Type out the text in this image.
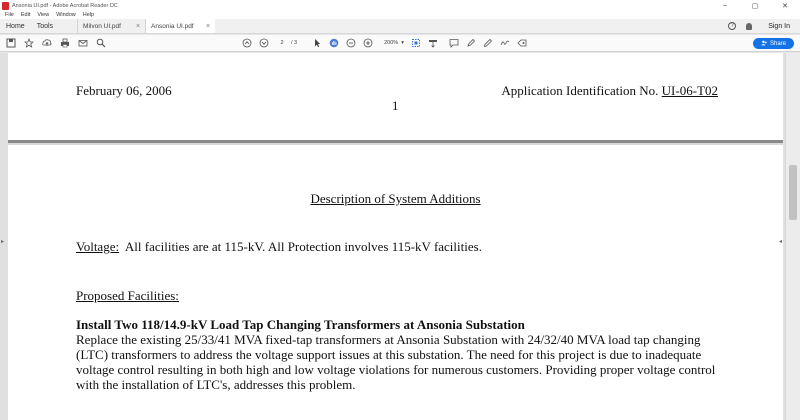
Ansonia UI.pdf - Adobe Acrobat Reader DC	–	▢	✕
File Edit View Window Help
Home	Tools	Milvon UI.pdf × Ansonia UI.pdf ×	?	Sign In
2	/ 3	200% ▾	Share
▸
February 06, 2006	Application Identification No. UI-06-T02
1
Description of System Additions
Voltage:  All facilities are at 115-kV. All Protection involves 115-kV facilities.
Proposed Facilities:
Install Two 118/14.9-kV Load Tap Changing Transformers at Ansonia Substation
Replace the existing 25/33/41 MVA fixed-tap transformers at Ansonia Substation with 24/32/40 MVA load tap changing (LTC) transformers to address the voltage support issues at this substation. The need for this project is due to inadequate voltage control resulting in both high and low voltage violations for numerous customers. Providing proper voltage control with the installation of LTC's, addresses this problem.
◂
